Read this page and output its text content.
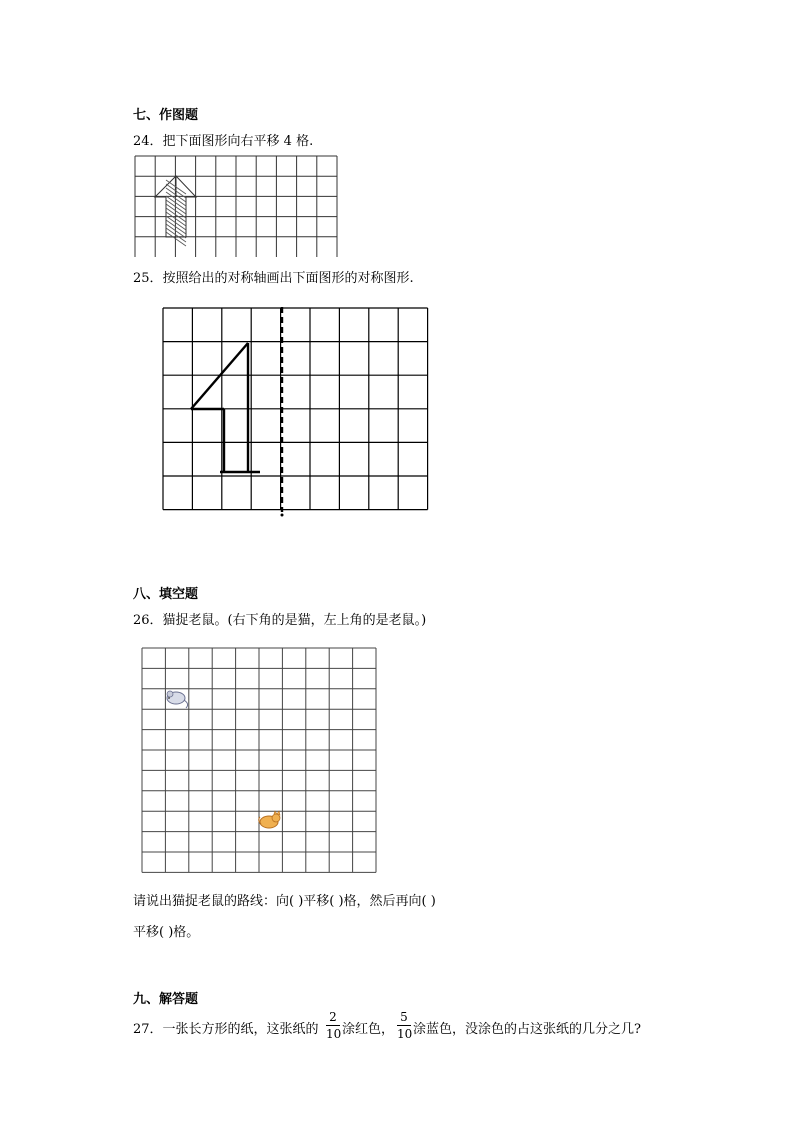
七、作图题
24．把下面图形向右平移 4 格.
25．按照给出的对称轴画出下面图形的对称图形.
八、填空题
26．猫捉老鼠。(右下角的是猫，左上角的是老鼠。)
请说出猫捉老鼠的路线：向( )平移( )格，然后再向( )
平移( )格。
九、解答题
27．一张长方形的纸，这张纸的
2
10 涂红色，
5
10 涂蓝色，没涂色的占这张纸的几分之几?
